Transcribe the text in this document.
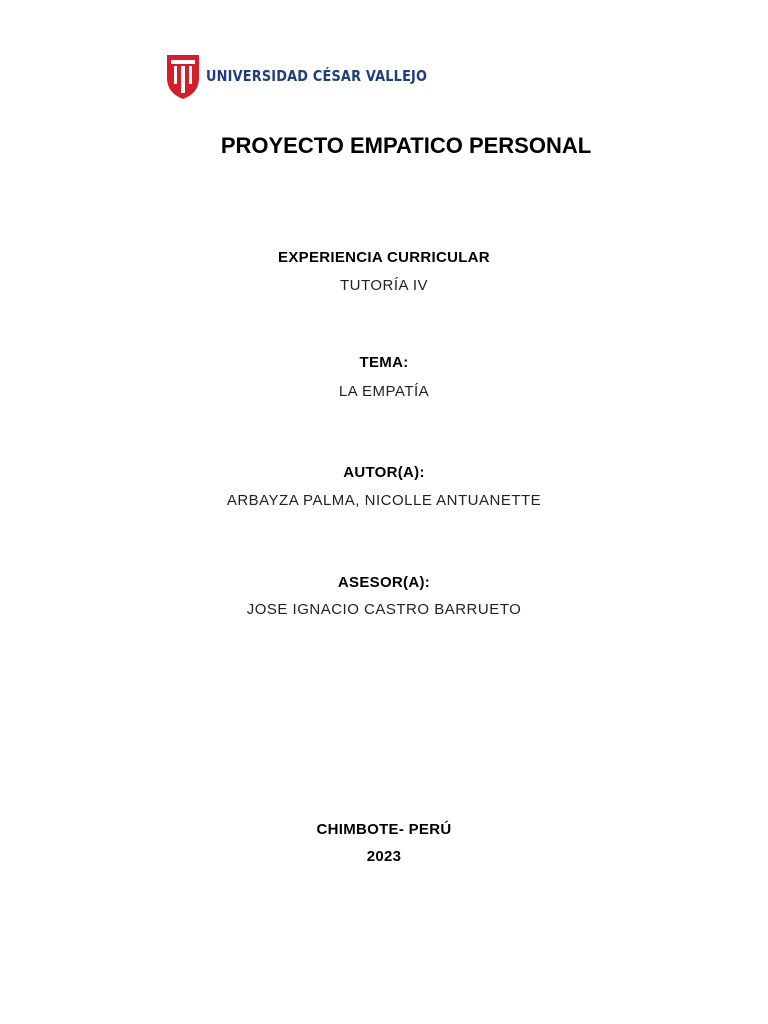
UNIVERSIDAD CÉSAR VALLEJO
PROYECTO EMPATICO PERSONAL

EXPERIENCIA CURRICULAR

TUTORÍA IV

TEMA:

LA EMPATÍA

AUTOR(A):

ARBAYZA PALMA, NICOLLE ANTUANETTE

ASESOR(A):

JOSE IGNACIO CASTRO BARRUETO

CHIMBOTE- PERÚ

2023
